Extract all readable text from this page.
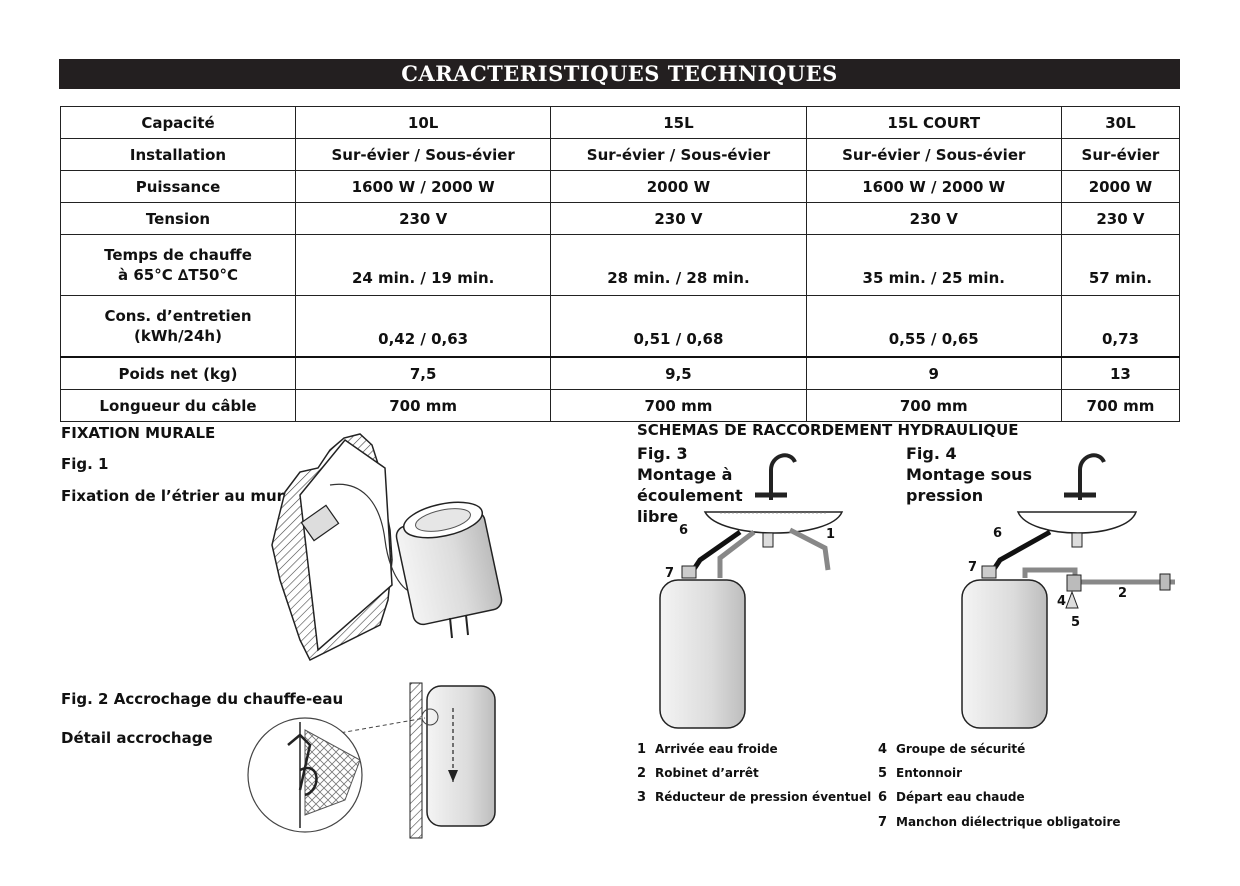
CARACTERISTIQUES TECHNIQUES
Capacité	10L	15L	15L COURT	30L
Installation	Sur-évier / Sous-évier	Sur-évier / Sous-évier	Sur-évier / Sous-évier	Sur-évier
Puissance	1600 W / 2000 W	2000 W	1600 W / 2000 W	2000 W
Tension	230 V	230 V	230 V	230 V
Temps de chauffe
à 65°C ∆T50°C	24 min. / 19 min.	28 min. / 28 min.	35 min. / 25 min.	57 min.
Cons. d’entretien
(kWh/24h)	0,42 / 0,63	0,51 / 0,68	0,55 / 0,65	0,73
Poids net (kg)	7,5	9,5	9	13
Longueur du câble	700 mm	700 mm	700 mm	700 mm
FIXATION MURALE
Fig. 1
Fixation de l’étrier au mur
Fig. 2 Accrochage du chauffe-eau
Détail accrochage
SCHEMAS DE RACCORDEMENT HYDRAULIQUE
Fig. 3
Montage à
écoulement
libre
Fig. 4
Montage sous
pression
6
7
1	6
7
4
5
2
1 Arrivée eau froide
2 Robinet d’arrêt
3 Réducteur de pression éventuel
4 Groupe de sécurité
5 Entonnoir
6 Départ eau chaude
7 Manchon diélectrique obligatoire
